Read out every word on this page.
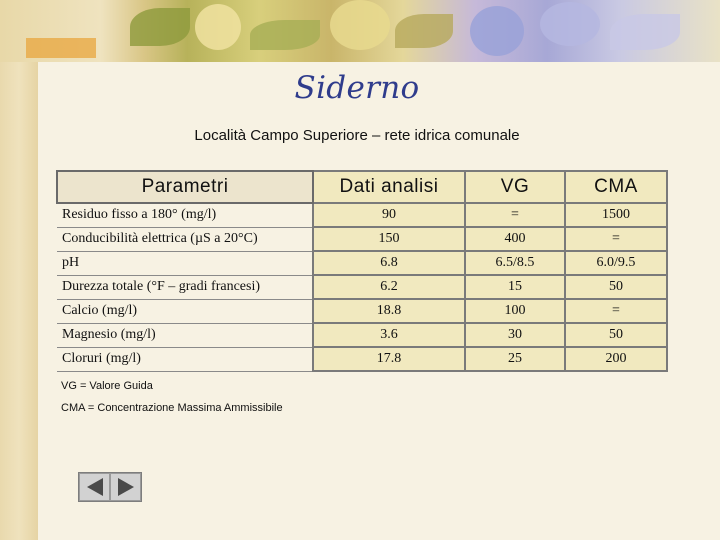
Siderno
Località Campo Superiore – rete idrica comunale
Parametri	Dati analisi	VG	CMA
Residuo fisso a 180° (mg/l)	90	=	1500
Conducibilità elettrica (µS a 20°C)	150	400	=
pH	6.8	6.5/8.5	6.0/9.5
Durezza totale (°F – gradi francesi)	6.2	15	50
Calcio (mg/l)	18.8	100	=
Magnesio (mg/l)	3.6	30	50
Cloruri (mg/l)	17.8	25	200
VG = Valore Guida
CMA = Concentrazione Massima Ammissibile
